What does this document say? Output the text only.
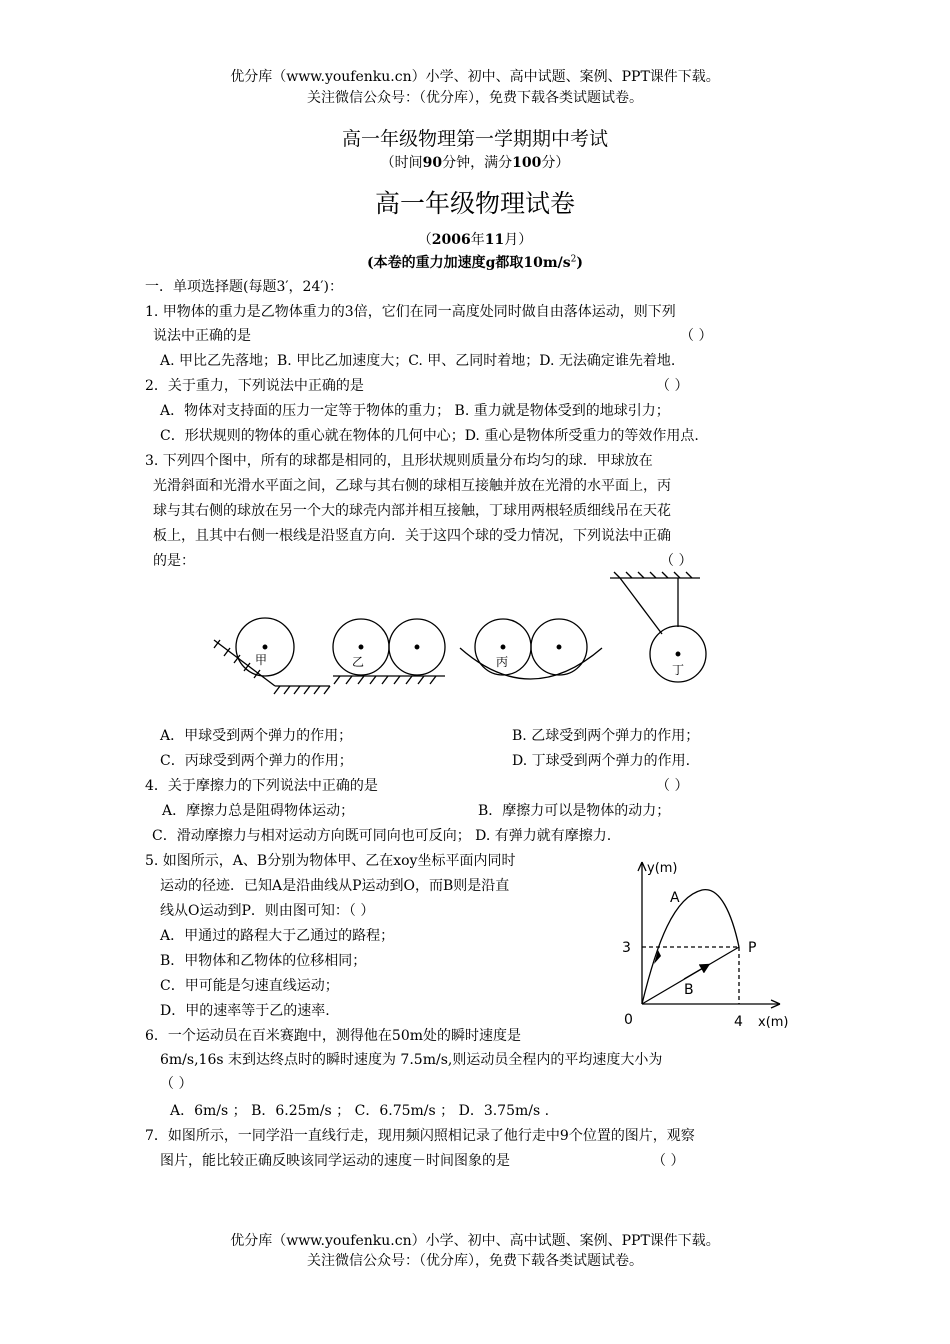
优分库（www.youfenku.cn）小学、初中、高中试题、案例、PPT课件下载。
关注微信公众号：（优分库），免费下载各类试题试卷。
高一年级物理第一学期期中考试
（时间90分钟，满分100分）
高一年级物理试卷
（2006年11月）
(本卷的重力加速度g都取$10m/s^2$)
一．单项选择题(每题3′，24′)：
1. 甲物体的重力是乙物体重力的3倍，它们在同一高度处同时做自由落体运动，则下列
说法中正确的是	（ ）
A. 甲比乙先落地；B. 甲比乙加速度大；C. 甲、乙同时着地；D. 无法确定谁先着地.
2．关于重力，下列说法中正确的是	（ ）
A．物体对支持面的压力一定等于物体的重力； B. 重力就是物体受到的地球引力；
C．形状规则的物体的重心就在物体的几何中心；D. 重心是物体所受重力的等效作用点.
3. 下列四个图中，所有的球都是相同的，且形状规则质量分布均匀的球．甲球放在
光滑斜面和光滑水平面之间，乙球与其右侧的球相互接触并放在光滑的水平面上，丙
球与其右侧的球放在另一个大的球壳内部并相互接触，丁球用两根轻质细线吊在天花
板上，且其中右侧一根线是沿竖直方向．关于这四个球的受力情况，下列说法中正确
的是：	（ ）
甲	乙	丙
丁
A．甲球受到两个弹力的作用；	B. 乙球受到两个弹力的作用；
C．丙球受到两个弹力的作用；	D. 丁球受到两个弹力的作用.
4．关于摩擦力的下列说法中正确的是	（ ）
A．摩擦力总是阻碍物体运动；	B．摩擦力可以是物体的动力；
C．滑动摩擦力与相对运动方向既可同向也可反向； D. 有弹力就有摩擦力.
5. 如图所示，A、B分别为物体甲、乙在xoy坐标平面内同时
运动的径迹．已知A是沿曲线从P运动到O，而B则是沿直
线从O运动到P．则由图可知：（ ）
A．甲通过的路程大于乙通过的路程；
B．甲物体和乙物体的位移相同；
C．甲可能是匀速直线运动；
D．甲的速率等于乙的速率.
y(m)
x(m)
0
3
4
P
A
B
6．一个运动员在百米赛跑中，测得他在50m处的瞬时速度是
6m/s,16s 末到达终点时的瞬时速度为 7.5m/s,则运动员全程内的平均速度大小为
（ ）
A．6m/s ； B．6.25m/s ； C．6.75m/s ； D．3.75m/s .
7．如图所示，一同学沿一直线行走，现用频闪照相记录了他行走中9个位置的图片，观察
图片，能比较正确反映该同学运动的速度－时间图象的是	（ ）
优分库（www.youfenku.cn）小学、初中、高中试题、案例、PPT课件下载。
关注微信公众号：（优分库），免费下载各类试题试卷。
